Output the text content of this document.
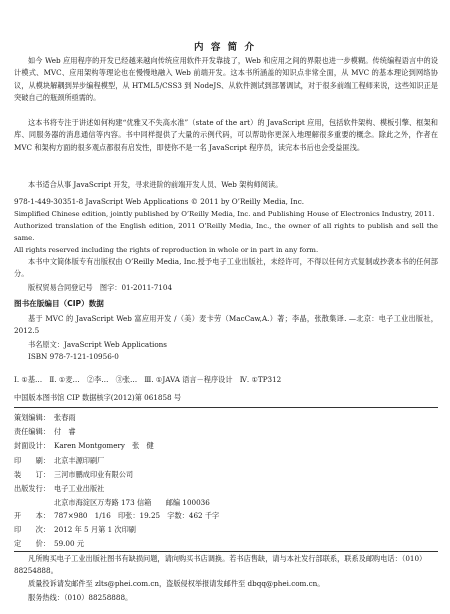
内 容 简 介

如今 Web 应用程序的开发已经越来越向传统应用软件开发靠拢了，Web 和应用之间的界限也进一步模糊。传统编程语言中的设计模式、MVC、应用架构等理论也在慢慢地融入 Web 前端开发。这本书所涵盖的知识点非常全面，从 MVC 的基本理论到网络协议，从模块解耦到异步编程模型，从 HTML5/CSS3 到 NodeJS、从软件测试到部署调试，对于很多前端工程师来说，这些知识正是突破自己的瓶颈所亟需的。

这本书将专注于讲述如何构建“优雅又不失高水准”（state of the art）的 JavaScript 应用，包括软件架构、模板引擎、框架和库、同服务器的消息通信等内容。书中同样提供了大量的示例代码，可以帮助你更深入地理解很多重要的概念。除此之外，作者在 MVC 和架构方面的很多观点都很有启发性，即使你不是一名 JavaScript 程序员，读完本书后也会受益匪浅。

本书适合从事 JavaScript 开发，寻求进阶的前端开发人员、Web 架构师阅读。

978-1-449-30351-8 JavaScript Web Applications © 2011 by O’Reilly Media, Inc.

Simplified Chinese edition, jointly published by O’Reilly Media, Inc. and Publishing House of Electronics Industry, 2011.

Authorized translation of the English edition, 2011 O’Reilly Media, Inc., the owner of all rights to publish and sell the same.

All rights reserved including the rights of reproduction in whole or in part in any form.

本书中文简体版专有出版权由 O’Reilly Media, Inc.授予电子工业出版社，未经许可，不得以任何方式复制或抄袭本书的任何部分。

版权贸易合同登记号　图字：01-2011-7104

图书在版编目（CIP）数据

基于 MVC 的 JavaScript Web 富应用开发 /（美）麦卡劳（MacCaw,A.）著；李晶，张散集译. —北京：电子工业出版社，2012.5

书名原文：JavaScript Web Applications

ISBN 978-7-121-10956-0

Ⅰ. ①基…　Ⅱ. ①麦…　②李…　③张…　Ⅲ. ①JAVA 语言－程序设计　Ⅳ. ①TP312

中国版本图书馆 CIP 数据核字(2012)第 061858 号

策划编辑： 张春雨
责任编辑： 付　睿
封面设计： Karen Montgomery　张　健
印　　刷： 北京丰源印刷厂
装　　订： 三河市鹏成印业有限公司
出版发行： 电子工业出版社
北京市海淀区万寿路 173 信箱　　邮编 100036
开　　本： 787×980　1/16　印张：19.25　字数：462 千字
印　　次： 2012 年 5 月第 1 次印刷
定　　价： 59.00 元

凡所购买电子工业出版社图书有缺损问题，请向购买书店调换。若书店售缺，请与本社发行部联系，联系及邮购电话：（010）88254888。

质量投诉请发邮件至 zlts@phei.com.cn，盗版侵权举报请发邮件至 dbqq@phei.com.cn。

服务热线：（010）88258888。
